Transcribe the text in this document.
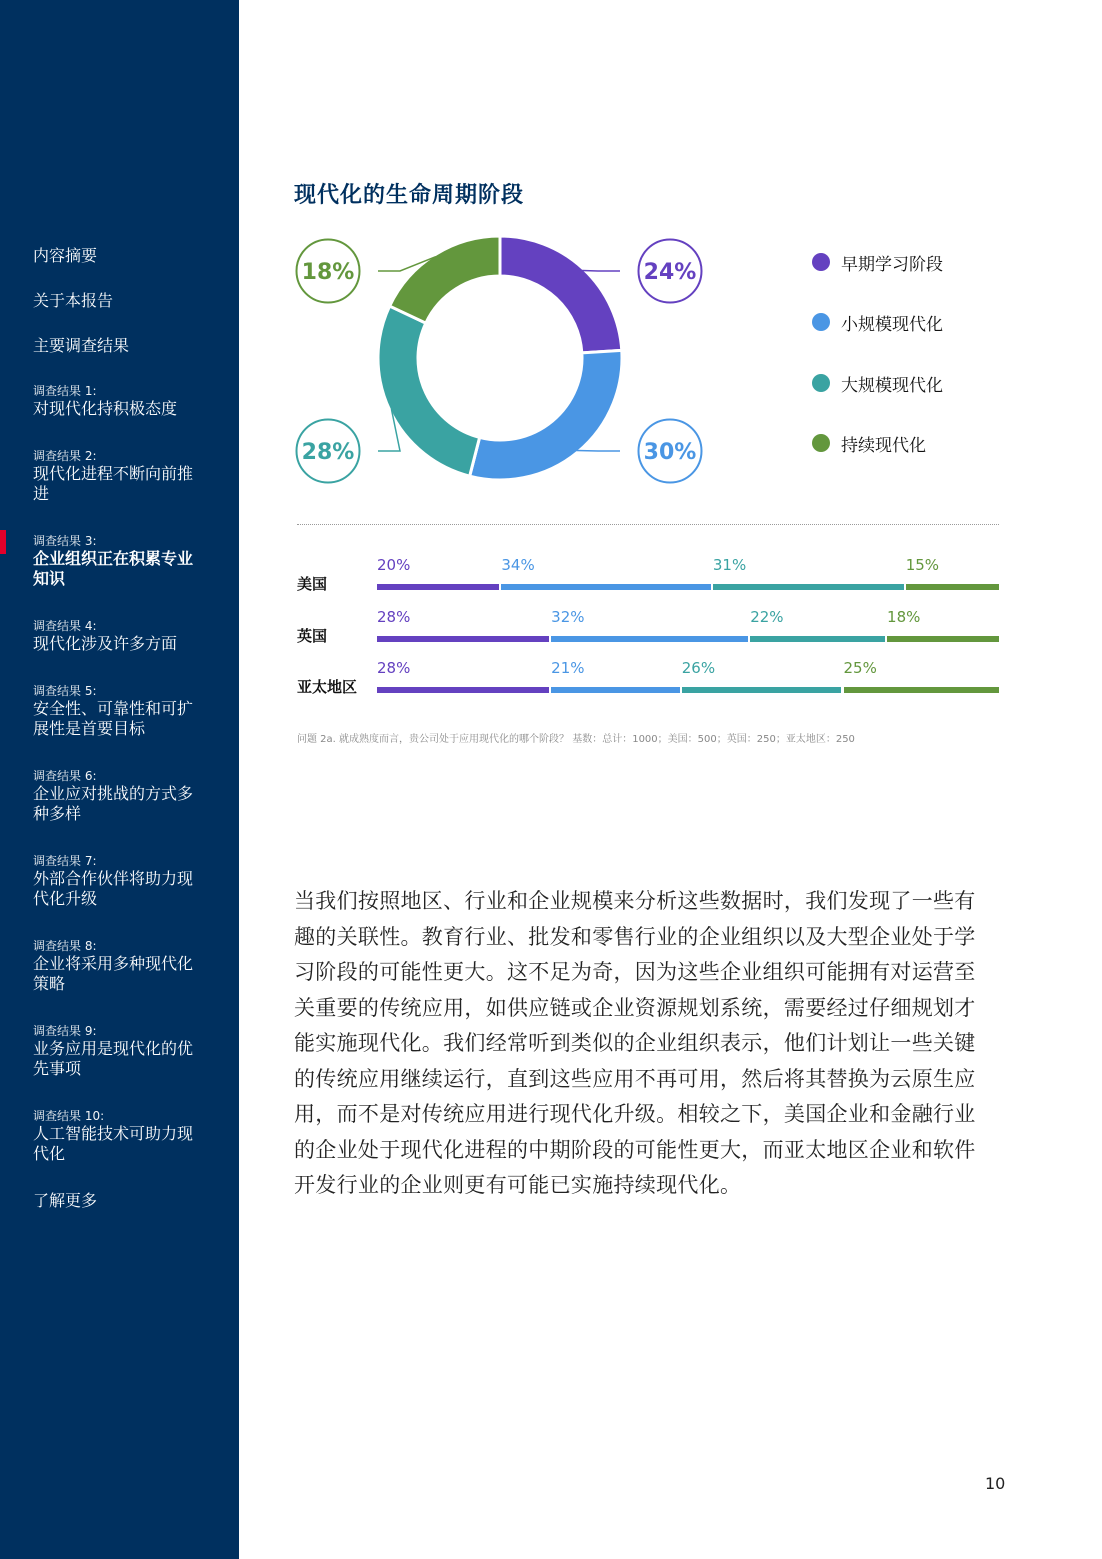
内容摘要
关于本报告
主要调查结果
调查结果 1:
对现代化持积极态度
调查结果 2:
现代化进程不断向前推进
调查结果 3:
企业组织正在积累专业知识
调查结果 4:
现代化涉及许多方面
调查结果 5:
安全性、可靠性和可扩展性是首要目标
调查结果 6:
企业应对挑战的方式多种多样
调查结果 7:
外部合作伙伴将助力现代化升级
调查结果 8:
企业将采用多种现代化策略
调查结果 9:
业务应用是现代化的优先事项
调查结果 10:
人工智能技术可助力现代化
了解更多
现代化的生命周期阶段
24%
30%
28%
18%	早期学习阶段
小规模现代化
大规模现代化
持续现代化
美国
20%	34%	31%	15%
英国
28%	32%	22%	18%
亚太地区
28%	21%	26%	25%
问题 2a. 就成熟度而言，贵公司处于应用现代化的哪个阶段？ 基数：总计：1000；美国：500；英国：250；亚太地区：250
当我们按照地区、行业和企业规模来分析这些数据时，我们发现了一些有趣的关联性。教育行业、批发和零售行业的企业组织以及大型企业处于学习阶段的可能性更大。这不足为奇，因为这些企业组织可能拥有对运营至关重要的传统应用，如供应链或企业资源规划系统，需要经过仔细规划才能实施现代化。我们经常听到类似的企业组织表示，他们计划让一些关键的传统应用继续运行，直到这些应用不再可用，然后将其替换为云原生应用，而不是对传统应用进行现代化升级。相较之下，美国企业和金融行业的企业处于现代化进程的中期阶段的可能性更大，而亚太地区企业和软件开发行业的企业则更有可能已实施持续现代化。
10
